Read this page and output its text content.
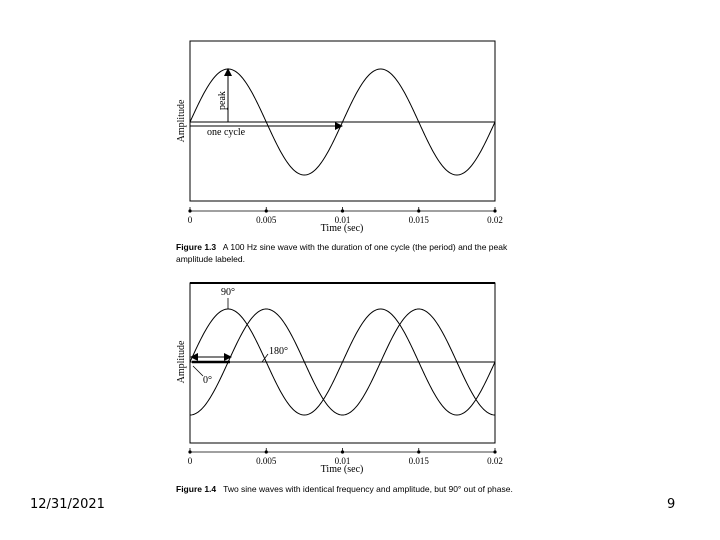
peak
one cycle
Amplitude
0	0.005	0.01	0.015	0.02
Time (sec)
90°
180°
0°
Amplitude
0	0.005	0.01	0.015	0.02
Time (sec)
Figure 1.3 A 100 Hz sine wave with the duration of one cycle (the period) and the peak amplitude labeled.
Figure 1.4 Two sine waves with identical frequency and amplitude, but 90° out of phase.
12/31/2021	9
